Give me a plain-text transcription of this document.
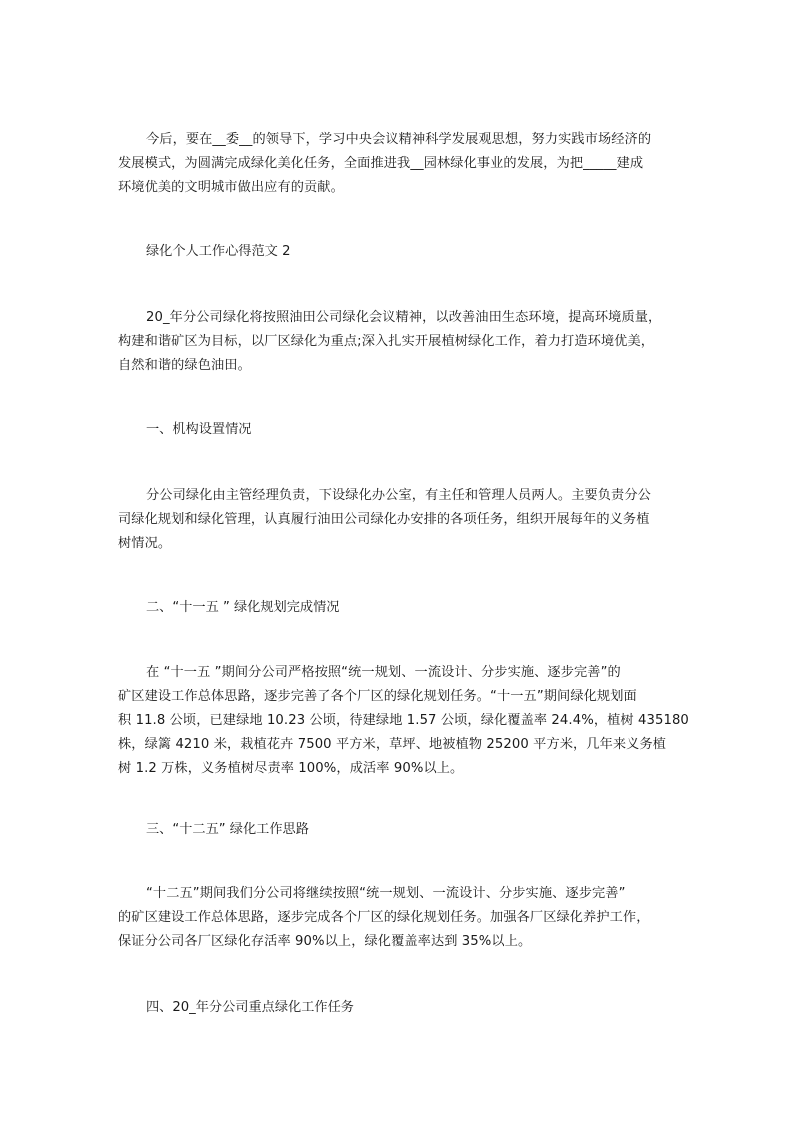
今后，要在__委__的领导下，学习中央会议精神科学发展观思想，努力实践市场经济的
发展模式，为圆满完成绿化美化任务，全面推进我__园林绿化事业的发展，为把_____建成
环境优美的文明城市做出应有的贡献。
绿化个人工作心得范文 2
20_年分公司绿化将按照油田公司绿化会议精神，以改善油田生态环境，提高环境质量，
构建和谐矿区为目标，以厂区绿化为重点;深入扎实开展植树绿化工作，着力打造环境优美，
自然和谐的绿色油田。
一、机构设置情况
分公司绿化由主管经理负责，下设绿化办公室，有主任和管理人员两人。主要负责分公
司绿化规划和绿化管理，认真履行油田公司绿化办安排的各项任务，组织开展每年的义务植
树情况。
二、“十一五 ” 绿化规划完成情况
在 “十一五 ”期间分公司严格按照“统一规划、一流设计、分步实施、逐步完善”的
矿区建设工作总体思路，逐步完善了各个厂区的绿化规划任务。“十一五”期间绿化规划面
积 11.8 公顷，已建绿地 10.23 公顷，待建绿地 1.57 公顷，绿化覆盖率 24.4%，植树 435180
株，绿篱 4210 米，栽植花卉 7500 平方米，草坪、地被植物 25200 平方米，几年来义务植
树 1.2 万株，义务植树尽责率 100%，成活率 90%以上。
三、“十二五” 绿化工作思路
“十二五”期间我们分公司将继续按照“统一规划、一流设计、分步实施、逐步完善”
的矿区建设工作总体思路，逐步完成各个厂区的绿化规划任务。加强各厂区绿化养护工作，
保证分公司各厂区绿化存活率 90%以上，绿化覆盖率达到 35%以上。
四、20_年分公司重点绿化工作任务
